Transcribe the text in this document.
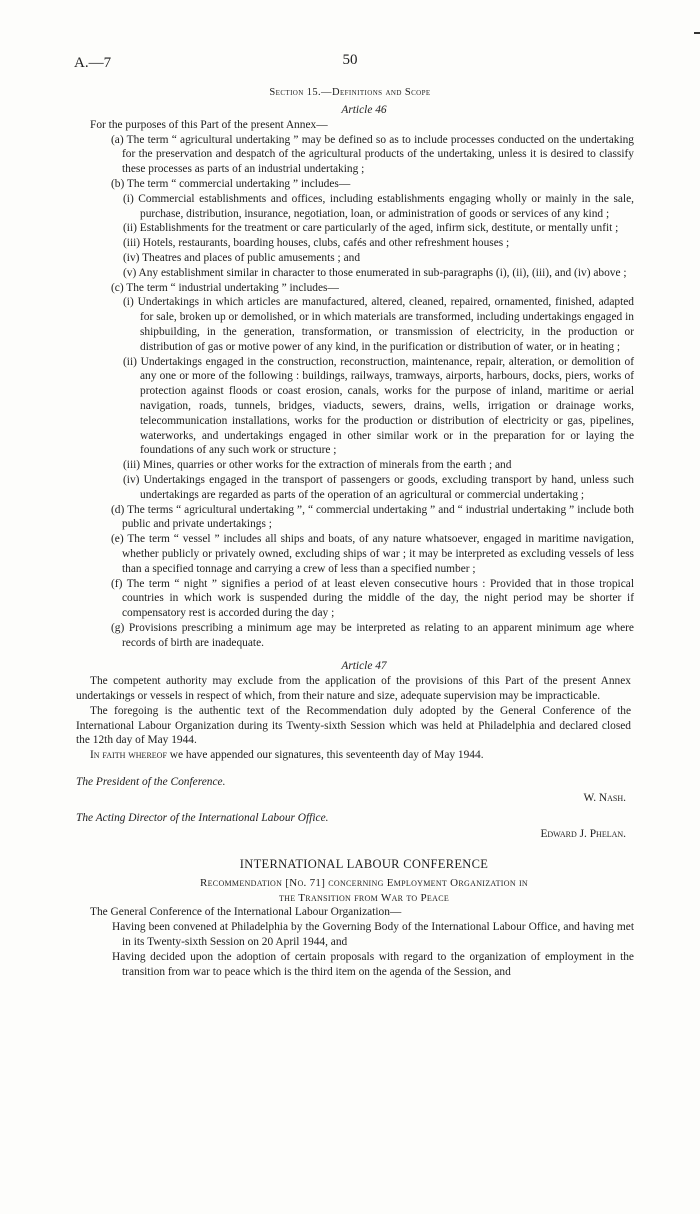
A.—7	50
Section 15.—Definitions and Scope

Article 46

For the purposes of this Part of the present Annex—

(a) The term “ agricultural undertaking ” may be defined so as to include processes conducted on the undertaking for the preservation and despatch of the agricultural products of the undertaking, unless it is desired to classify these processes as parts of an industrial undertaking ;

(b) The term “ commercial undertaking ” includes—

(i) Commercial establishments and offices, including establishments engaging wholly or mainly in the sale, purchase, distribution, insurance, negotiation, loan, or administration of goods or services of any kind ;

(ii) Establishments for the treatment or care particularly of the aged, infirm sick, destitute, or mentally unfit ;

(iii) Hotels, restaurants, boarding houses, clubs, cafés and other refreshment houses ;

(iv) Theatres and places of public amusements ; and

(v) Any establishment similar in character to those enumerated in sub-paragraphs (i), (ii), (iii), and (iv) above ;

(c) The term “ industrial undertaking ” includes—

(i) Undertakings in which articles are manufactured, altered, cleaned, repaired, ornamented, finished, adapted for sale, broken up or demolished, or in which materials are transformed, including undertakings engaged in shipbuilding, in the generation, transformation, or transmission of electricity, in the production or distribution of gas or motive power of any kind, in the purification or distribution of water, or in heating ;

(ii) Undertakings engaged in the construction, reconstruction, maintenance, repair, alteration, or demolition of any one or more of the following : buildings, railways, tramways, airports, harbours, docks, piers, works of protection against floods or coast erosion, canals, works for the purpose of inland, maritime or aerial navigation, roads, tunnels, bridges, viaducts, sewers, drains, wells, irrigation or drainage works, telecommunication installations, works for the production or distribution of electricity or gas, pipelines, waterworks, and undertakings engaged in other similar work or in the preparation for or laying the foundations of any such work or structure ;

(iii) Mines, quarries or other works for the extraction of minerals from the earth ; and

(iv) Undertakings engaged in the transport of passengers or goods, excluding transport by hand, unless such undertakings are regarded as parts of the operation of an agricultural or commercial undertaking ;

(d) The terms “ agricultural undertaking ”, “ commercial undertaking ” and “ industrial undertaking ” include both public and private undertakings ;

(e) The term “ vessel ” includes all ships and boats, of any nature whatsoever, engaged in maritime navigation, whether publicly or privately owned, excluding ships of war ; it may be interpreted as excluding vessels of less than a specified tonnage and carrying a crew of less than a specified number ;

(f) The term “ night ” signifies a period of at least eleven consecutive hours : Provided that in those tropical countries in which work is suspended during the middle of the day, the night period may be shorter if compensatory rest is accorded during the day ;

(g) Provisions prescribing a minimum age may be interpreted as relating to an apparent minimum age where records of birth are inadequate.

Article 47

The competent authority may exclude from the application of the provisions of this Part of the present Annex undertakings or vessels in respect of which, from their nature and size, adequate supervision may be impracticable.

The foregoing is the authentic text of the Recommendation duly adopted by the General Conference of the International Labour Organization during its Twenty-sixth Session which was held at Philadelphia and declared closed the 12th day of May 1944.

In faith whereof we have appended our signatures, this seventeenth day of May 1944.

The President of the Conference.
W. Nash.
The Acting Director of the International Labour Office.
Edward J. Phelan.

INTERNATIONAL LABOUR CONFERENCE

Recommendation [No. 71] concerning Employment Organization in

the Transition from War to Peace

The General Conference of the International Labour Organization—

Having been convened at Philadelphia by the Governing Body of the International Labour Office, and having met in its Twenty-sixth Session on 20 April 1944, and

Having decided upon the adoption of certain proposals with regard to the organization of employment in the transition from war to peace which is the third item on the agenda of the Session, and
